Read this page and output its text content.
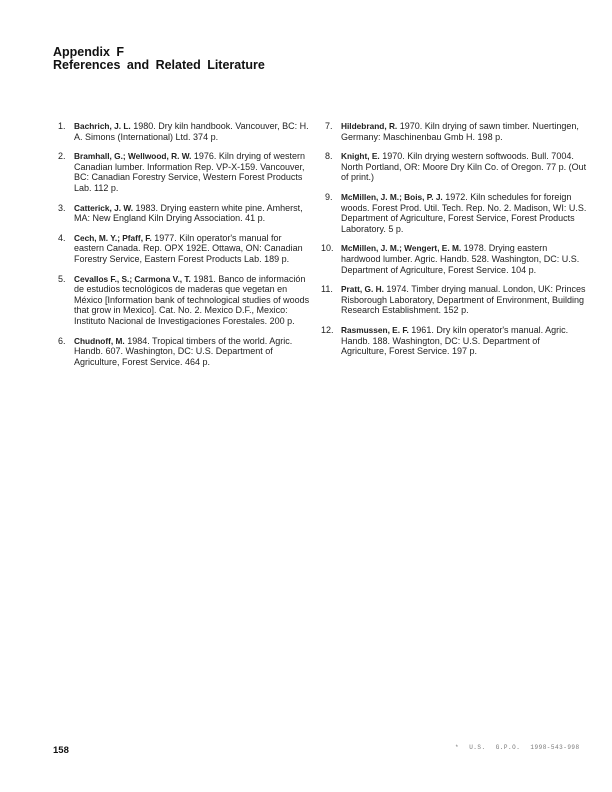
Appendix F
References and Related Literature
1. Bachrich, J. L. 1980. Dry kiln handbook. Vancouver, BC: H. A. Simons (International) Ltd. 374 p.
2. Bramhall, G.; Wellwood, R. W. 1976. Kiln drying of western Canadian lumber. Information Rep. VP-X-159. Vancouver, BC: Canadian Forestry Service, Western Forest Products Lab. 112 p.
3. Catterick, J. W. 1983. Drying eastern white pine. Amherst, MA: New England Kiln Drying Association. 41 p.
4. Cech, M. Y.; Pfaff, F. 1977. Kiln operator's manual for eastern Canada. Rep. OPX 192E. Ottawa, ON: Canadian Forestry Service, Eastern Forest Products Lab. 189 p.
5. Cevallos F., S.; Carmona V., T. 1981. Banco de información de estudios tecnológicos de maderas que vegetan en México [Information bank of technological studies of woods that grow in Mexico]. Cat. No. 2. Mexico D.F., Mexico: Instituto Nacional de Investigaciones Forestales. 200 p.
6. Chudnoff, M. 1984. Tropical timbers of the world. Agric. Handb. 607. Washington, DC: U.S. Department of Agriculture, Forest Service. 464 p.
7. Hildebrand, R. 1970. Kiln drying of sawn timber. Nuertingen, Germany: Maschinenbau Gmb H. 198 p.
8. Knight, E. 1970. Kiln drying western softwoods. Bull. 7004. North Portland, OR: Moore Dry Kiln Co. of Oregon. 77 p. (Out of print.)
9. McMillen, J. M.; Bois, P. J. 1972. Kiln schedules for foreign woods. Forest Prod. Util. Tech. Rep. No. 2. Madison, WI: U.S. Department of Agriculture, Forest Service, Forest Products Laboratory. 5 p.
10. McMillen, J. M.; Wengert, E. M. 1978. Drying eastern hardwood lumber. Agric. Handb. 528. Washington, DC: U.S. Department of Agriculture, Forest Service. 104 p.
11. Pratt, G. H. 1974. Timber drying manual. London, UK: Princes Risborough Laboratory, Department of Environment, Building Research Establishment. 152 p.
12. Rasmussen, E. F. 1961. Dry kiln operator's manual. Agric. Handb. 188. Washington, DC: U.S. Department of Agriculture, Forest Service. 197 p.
158	* U.S. G.P.O. 1998-543-998
